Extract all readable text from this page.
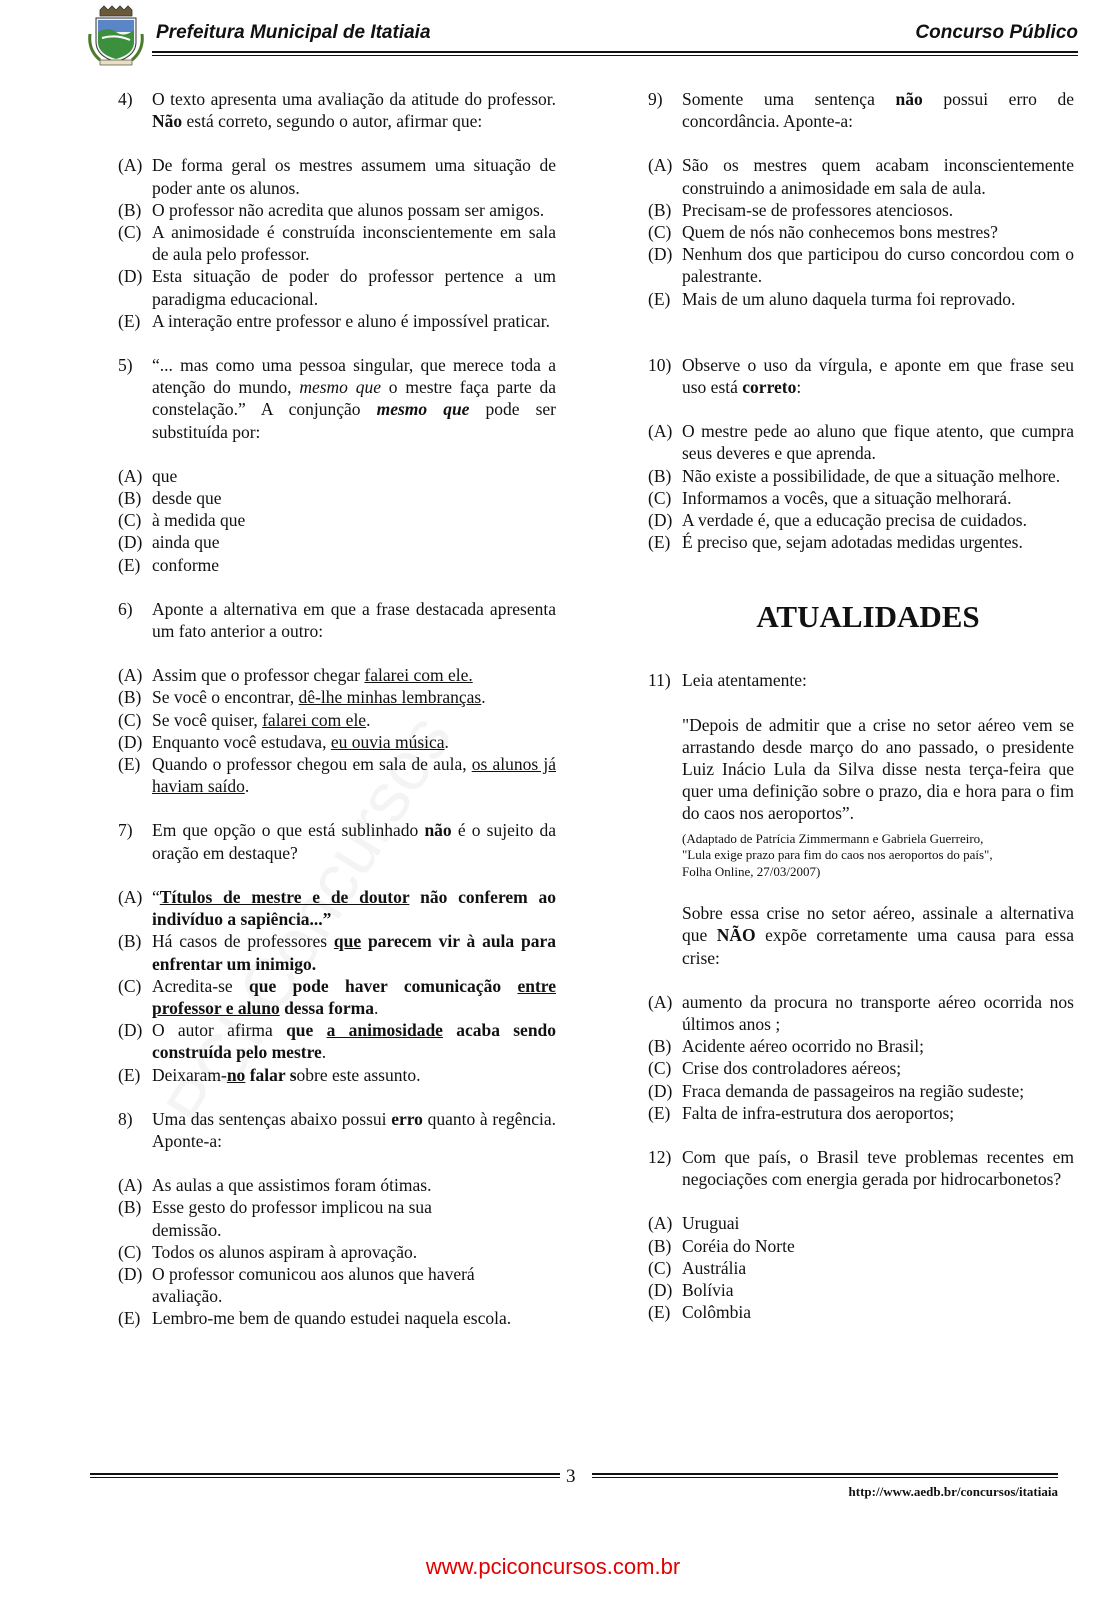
Prefeitura Municipal de Itatiaia	Concurso Público
4) O texto apresenta uma avaliação da atitude do professor. Não está correto, segundo o autor, afirmar que:
(A) De forma geral os mestres assumem uma situação de poder ante os alunos.
(B) O professor não acredita que alunos possam ser amigos.
(C) A animosidade é construída inconscientemente em sala de aula pelo professor.
(D) Esta situação de poder do professor pertence a um paradigma educacional.
(E) A interação entre professor e aluno é impossível praticar.
5) “... mas como uma pessoa singular, que merece toda a atenção do mundo, mesmo que o mestre faça parte da constelação.” A conjunção mesmo que pode ser substituída por:
(A) que
(B) desde que
(C) à medida que
(D) ainda que
(E) conforme
6) Aponte a alternativa em que a frase destacada apresenta um fato anterior a outro:
(A) Assim que o professor chegar falarei com ele.
(B) Se você o encontrar, dê-lhe minhas lembranças.
(C) Se você quiser, falarei com ele.
(D) Enquanto você estudava, eu ouvia música.
(E) Quando o professor chegou em sala de aula, os alunos já haviam saído.
7) Em que opção o que está sublinhado não é o sujeito da oração em destaque?
(A) “Títulos de mestre e de doutor não conferem ao indivíduo a sapiência...”
(B) Há casos de professores que parecem vir à aula para enfrentar um inimigo.
(C) Acredita-se que pode haver comunicação entre professor e aluno dessa forma.
(D) O autor afirma que a animosidade acaba sendo construída pelo mestre.
(E) Deixaram-no falar sobre este assunto.
8) Uma das sentenças abaixo possui erro quanto à regência. Aponte-a:
(A) As aulas a que assistimos foram ótimas.
(B) Esse gesto do professor implicou na sua demissão.
(C) Todos os alunos aspiram à aprovação.
(D) O professor comunicou aos alunos que haverá avaliação.
(E) Lembro-me bem de quando estudei naquela escola.
9) Somente uma sentença não possui erro de concordância. Aponte-a:
(A) São os mestres quem acabam inconscientemente construindo a animosidade em sala de aula.
(B) Precisam-se de professores atenciosos.
(C) Quem de nós não conhecemos bons mestres?
(D) Nenhum dos que participou do curso concordou com o palestrante.
(E) Mais de um aluno daquela turma foi reprovado.
10) Observe o uso da vírgula, e aponte em que frase seu uso está correto:
(A) O mestre pede ao aluno que fique atento, que cumpra seus deveres e que aprenda.
(B) Não existe a possibilidade, de que a situação melhore.
(C) Informamos a vocês, que a situação melhorará.
(D) A verdade é, que a educação precisa de cuidados.
(E) É preciso que, sejam adotadas medidas urgentes.
ATUALIDADES
11) Leia atentamente:
"Depois de admitir que a crise no setor aéreo vem se arrastando desde março do ano passado, o presidente Luiz Inácio Lula da Silva disse nesta terça-feira que quer uma definição sobre o prazo, dia e hora para o fim do caos nos aeroportos”.
(Adaptado de Patrícia Zimmermann e Gabriela Guerreiro,
"Lula exige prazo para fim do caos nos aeroportos do país",
Folha Online, 27/03/2007)
Sobre essa crise no setor aéreo, assinale a alternativa que NÃO expõe corretamente uma causa para essa crise:
(A) aumento da procura no transporte aéreo ocorrida nos últimos anos ;
(B) Acidente aéreo ocorrido no Brasil;
(C) Crise dos controladores aéreos;
(D) Fraca demanda de passageiros na região sudeste;
(E) Falta de infra-estrutura dos aeroportos;
12) Com que país, o Brasil teve problemas recentes em negociações com energia gerada por hidrocarbonetos?
(A) Uruguai
(B) Coréia do Norte
(C) Austrália
(D) Bolívia
(E) Colômbia
3
http://www.aedb.br/concursos/itatiaia
www.pciconcursos.com.br
